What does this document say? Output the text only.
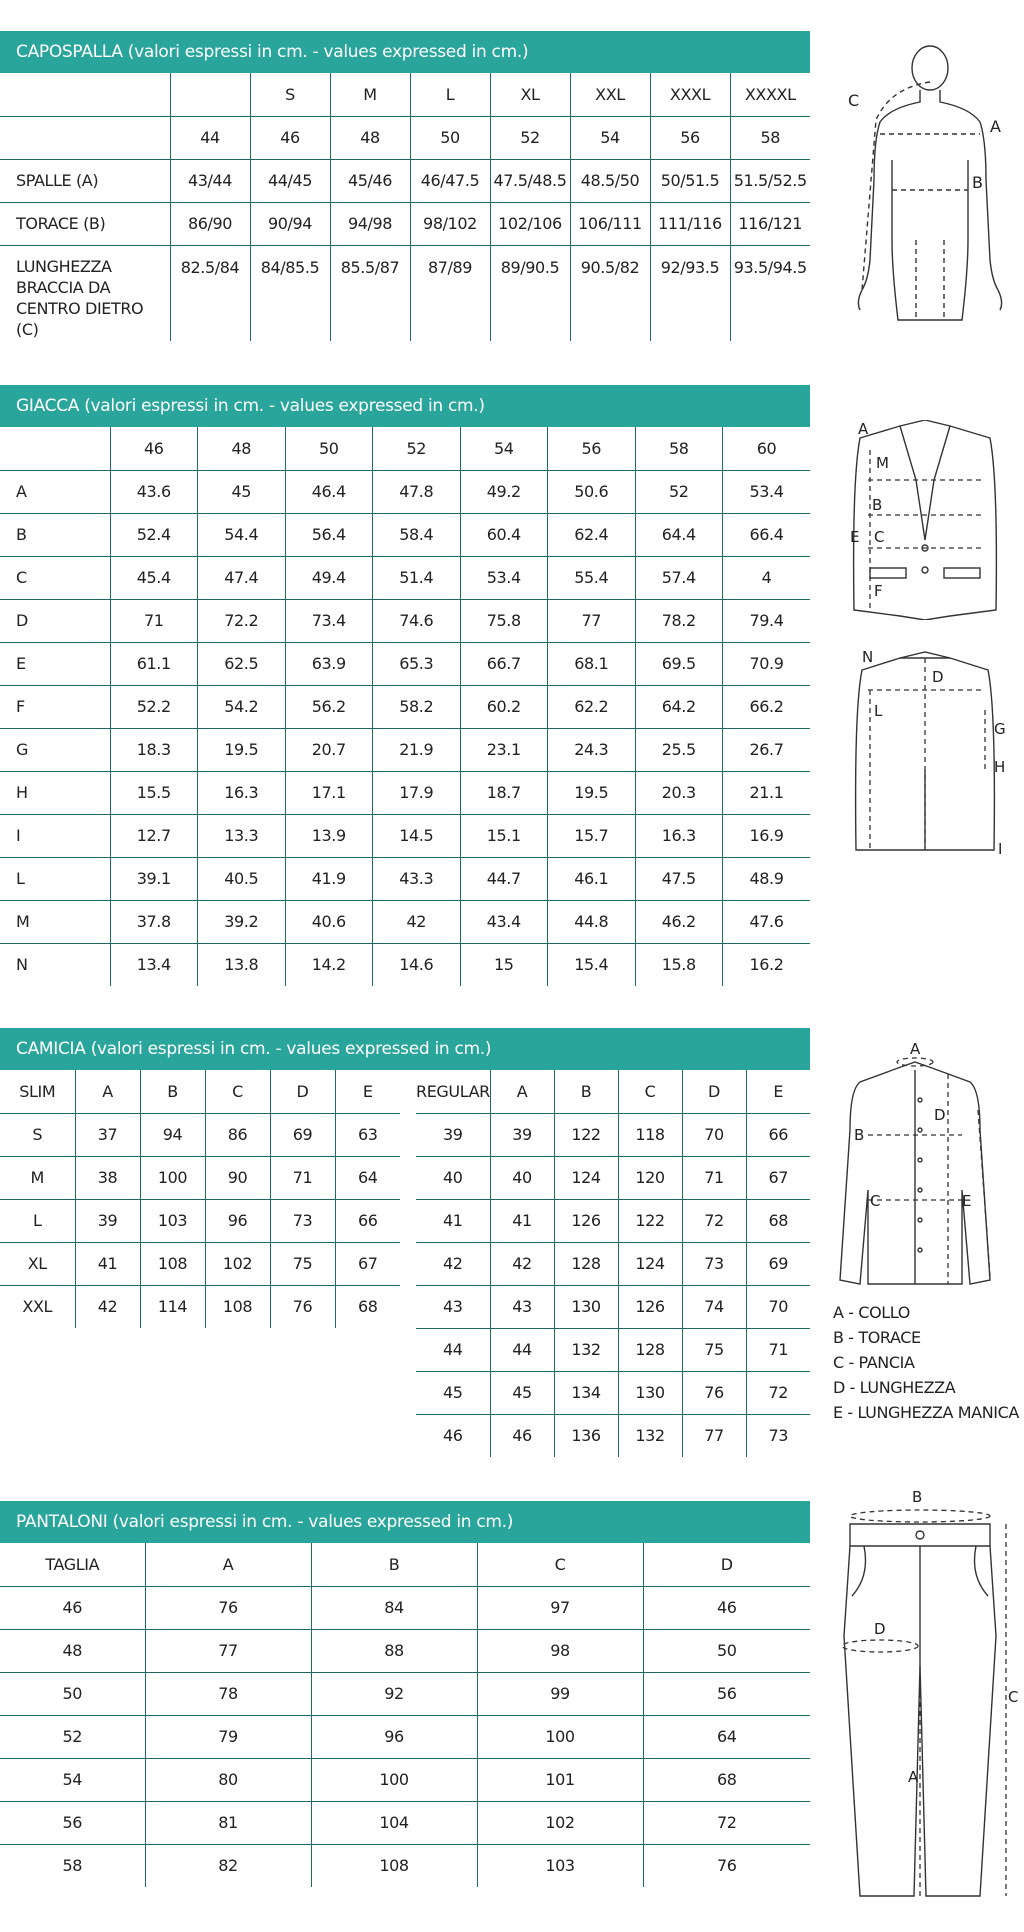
CAPOSPALLA (valori espressi in cm. - values expressed in cm.)
		S	M	L	XL	XXL	XXXL	XXXXL
	44	46	48	50	52	54	56	58
SPALLE (A)	43/44	44/45	45/46	46/47.5	47.5/48.5	48.5/50	50/51.5	51.5/52.5
TORACE (B)	86/90	90/94	94/98	98/102	102/106	106/111	111/116	116/121

LUNGHEZZA
BRACCIA DA
CENTRO DIETRO (C)	82.5/84	84/85.5	85.5/87	87/89	89/90.5	90.5/82	92/93.5	93.5/94.5
C
A
B
GIACCA (valori espressi in cm. - values expressed in cm.)
	46	48	50	52	54	56	58	60
A	43.6	45	46.4	47.8	49.2	50.6	52	53.4
B	52.4	54.4	56.4	58.4	60.4	62.4	64.4	66.4
C	45.4	47.4	49.4	51.4	53.4	55.4	57.4	4
D	71	72.2	73.4	74.6	75.8	77	78.2	79.4
E	61.1	62.5	63.9	65.3	66.7	68.1	69.5	70.9
F	52.2	54.2	56.2	58.2	60.2	62.2	64.2	66.2
G	18.3	19.5	20.7	21.9	23.1	24.3	25.5	26.7
H	15.5	16.3	17.1	17.9	18.7	19.5	20.3	21.1
I	12.7	13.3	13.9	14.5	15.1	15.7	16.3	16.9
L	39.1	40.5	41.9	43.3	44.7	46.1	47.5	48.9
M	37.8	39.2	40.6	42	43.4	44.8	46.2	47.6
N	13.4	13.8	14.2	14.6	15	15.4	15.8	16.2
A
M
B
E C
F
N
D
L
G
H
I
CAMICIA (valori espressi in cm. - values expressed in cm.)
SLIM	A	B	C	D	E
S	37	94	86	69	63
M	38	100	90	71	64
L	39	103	96	73	66
XL	41	108	102	75	67
XXL	42	114	108	76	68
REGULAR	A	B	C	D	E
39	39	122	118	70	66
40	40	124	120	71	67
41	41	126	122	72	68
42	42	128	124	73	69
43	43	130	126	74	70
44	44	132	128	75	71
45	45	134	130	76	72
46	46	136	132	77	73
A
B
D
C	E
A - COLLO
B - TORACE
C - PANCIA
D - LUNGHEZZA
E - LUNGHEZZA MANICA
PANTALONI (valori espressi in cm. - values expressed in cm.)
TAGLIA	A	B	C	D
46	76	84	97	46
48	77	88	98	50
50	78	92	99	56
52	79	96	100	64
54	80	100	101	68
56	81	104	102	72
58	82	108	103	76
B
D
C
A
